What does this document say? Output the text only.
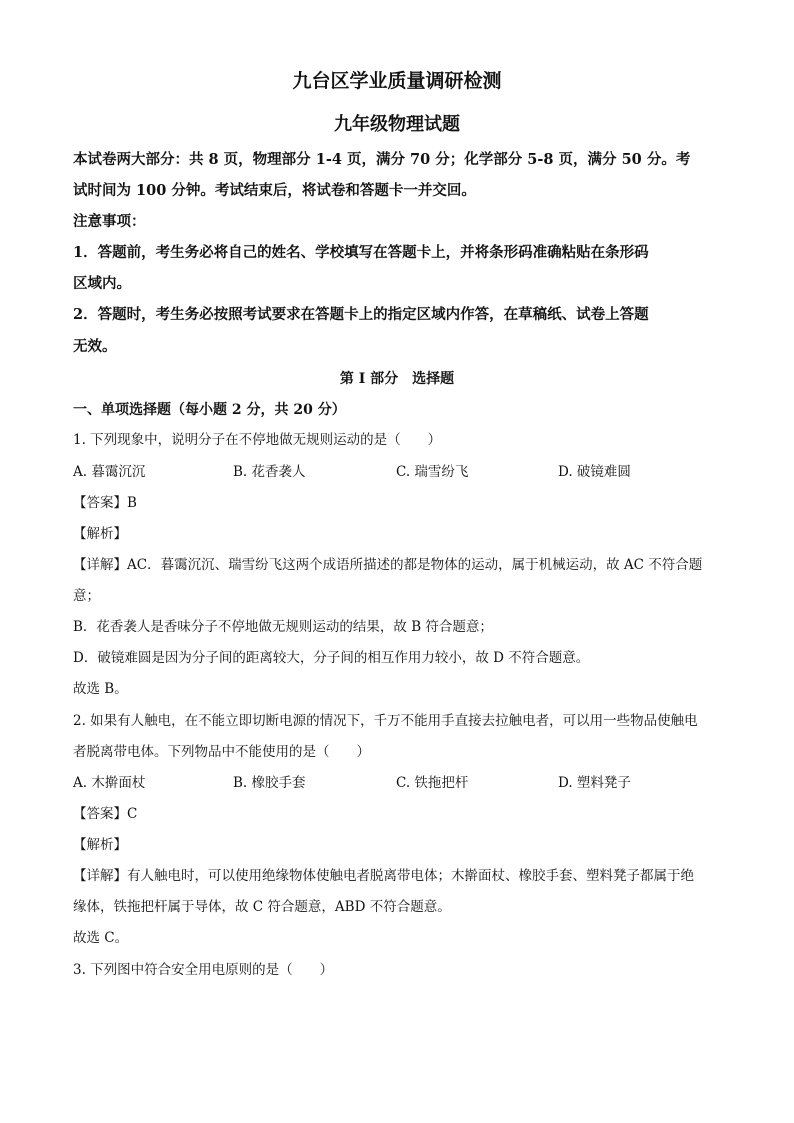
九台区学业质量调研检测
九年级物理试题
本试卷两大部分：共 8 页，物理部分 1-4 页，满分 70 分；化学部分 5-8 页，满分 50 分。考
试时间为 100 分钟。考试结束后，将试卷和答题卡一并交回。
注意事项：
1．答题前，考生务必将自己的姓名、学校填写在答题卡上，并将条形码准确粘贴在条形码
区域内。
2．答题时，考生务必按照考试要求在答题卡上的指定区域内作答，在草稿纸、试卷上答题
无效。
第 Ⅰ 部分　选择题
一、单项选择题（每小题 2 分，共 20 分）
1. 下列现象中，说明分子在不停地做无规则运动的是（　　）
A. 暮霭沉沉	B. 花香袭人	C. 瑞雪纷飞	D. 破镜难圆
【答案】B
【解析】
【详解】AC．暮霭沉沉、瑞雪纷飞这两个成语所描述的都是物体的运动，属于机械运动，故 AC 不符合题
意；
B．花香袭人是香味分子不停地做无规则运动的结果，故 B 符合题意；
D．破镜难圆是因为分子间的距离较大，分子间的相互作用力较小，故 D 不符合题意。
故选 B。
2. 如果有人触电，在不能立即切断电源的情况下，千万不能用手直接去拉触电者，可以用一些物品使触电
者脱离带电体。下列物品中不能使用的是（　　）
A. 木擀面杖	B. 橡胶手套	C. 铁拖把杆	D. 塑料凳子
【答案】C
【解析】
【详解】有人触电时，可以使用绝缘物体使触电者脱离带电体；木擀面杖、橡胶手套、塑料凳子都属于绝
缘体，铁拖把杆属于导体，故 C 符合题意，ABD 不符合题意。
故选 C。
3. 下列图中符合安全用电原则的是（　　）
